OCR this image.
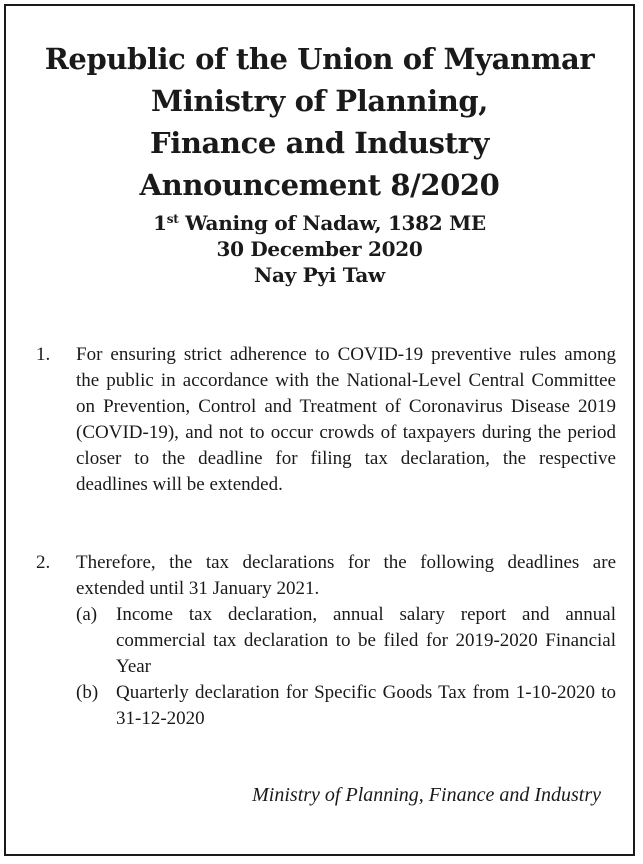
Republic of the Union of Myanmar

Ministry of Planning,

Finance and Industry

Announcement 8/2020

1st Waning of Nadaw, 1382 ME

30 December 2020

Nay Pyi Taw

1.	For ensuring strict adherence to COVID-19 preventive rules among the public in accordance with the National-Level Central Committee on Prevention, Control and Treatment of Coronavirus Disease 2019 (COVID-19), and not to occur crowds of taxpayers during the period closer to the deadline for filing tax declaration, the respective deadlines will be extended.
2.	Therefore, the tax declarations for the following deadlines are extended until 31 January 2021.
(a) Income tax declaration, annual salary report and annual commercial tax declaration to be filed for 2019-2020 Financial Year
(b) Quarterly declaration for Specific Goods Tax from 1-10-2020 to 31-12-2020
Ministry of Planning, Finance and Industry
